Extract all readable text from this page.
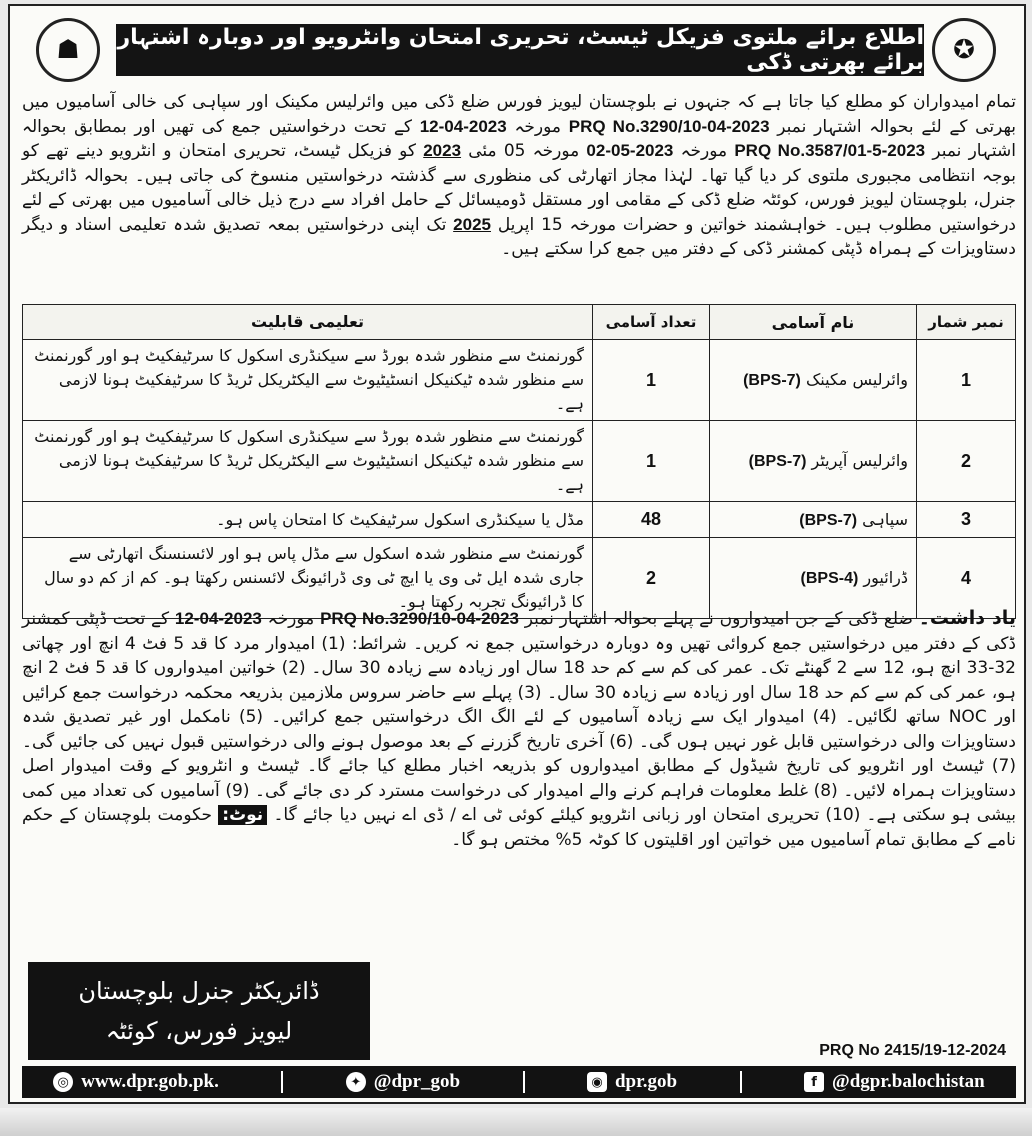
☗	اطلاع برائے ملتوی فزیکل ٹیسٹ، تحریری امتحان وانٹرویو اور دوبارہ اشتہار برائے بھرتی ڈکی	✪
تمام امیدواران کو مطلع کیا جاتا ہے کہ جنہوں نے بلوچستان لیویز فورس ضلع ڈکی میں وائرلیس مکینک اور سپاہی کی خالی آسامیوں میں بھرتی کے لئے بحوالہ اشتہار نمبر PRQ No.3290/10-04-2023 مورخہ 12-04-2023 کے تحت درخواستیں جمع کی تھیں اور بمطابق بحوالہ اشتہار نمبر PRQ No.3587/01-5-2023 مورخہ 02-05-2023 مورخہ 05 مئی 2023 کو فزیکل ٹیسٹ، تحریری امتحان و انٹرویو دینے تھے کو بوجہ انتظامی مجبوری ملتوی کر دیا گیا تھا۔ لہٰذا مجاز اتھارٹی کی منظوری سے گذشتہ درخواستیں منسوخ کی جاتی ہیں۔ بحوالہ ڈائریکٹر جنرل، بلوچستان لیویز فورس، کوئٹہ ضلع ڈکی کے مقامی اور مستقل ڈومیسائل کے حامل افراد سے درج ذیل خالی آسامیوں میں بھرتی کے لئے درخواستیں مطلوب ہیں۔ خواہشمند خواتین و حضرات مورخہ 15 اپریل 2025 تک اپنی درخواستیں بمعہ تصدیق شدہ تعلیمی اسناد و دیگر دستاویزات کے ہمراہ ڈپٹی کمشنر ڈکی کے دفتر میں جمع کرا سکتے ہیں۔
نمبر شمار	نام آسامی	تعداد آسامی	تعلیمی قابلیت
1	وائرلیس مکینک (BPS-7)	1	گورنمنٹ سے منظور شدہ بورڈ سے سیکنڈری اسکول کا سرٹیفکیٹ ہو اور گورنمنٹ سے منظور شدہ ٹیکنیکل انسٹیٹیوٹ سے الیکٹریکل ٹریڈ کا سرٹیفکیٹ ہونا لازمی ہے۔
2	وائرلیس آپریٹر (BPS-7)	1	گورنمنٹ سے منظور شدہ بورڈ سے سیکنڈری اسکول کا سرٹیفکیٹ ہو اور گورنمنٹ سے منظور شدہ ٹیکنیکل انسٹیٹیوٹ سے الیکٹریکل ٹریڈ کا سرٹیفکیٹ ہونا لازمی ہے۔
3	سپاہی (BPS-7)	48	مڈل یا سیکنڈری اسکول سرٹیفکیٹ کا امتحان پاس ہو۔
4	ڈرائیور (BPS-4)	2	گورنمنٹ سے منظور شدہ اسکول سے مڈل پاس ہو اور لائسنسنگ اتھارٹی سے جاری شدہ ایل ٹی وی یا ایچ ٹی وی ڈرائیونگ لائسنس رکھتا ہو۔ کم از کم دو سال کا ڈرائیونگ تجربہ رکھتا ہو۔
یاد داشت۔ ضلع ڈکی کے جن امیدواروں نے پہلے بحوالہ اشتہار نمبر PRQ No.3290/10-04-2023 مورخہ 12-04-2023 کے تحت ڈپٹی کمشنر ڈکی کے دفتر میں درخواستیں جمع کروائی تھیں وہ دوبارہ درخواستیں جمع نہ کریں۔ شرائط: (1) امیدوار مرد کا قد 5 فٹ 4 انچ اور چھاتی 32-33 انچ ہو، 12 سے 2 گھنٹے تک۔ عمر کی کم سے کم حد 18 سال اور زیادہ سے زیادہ 30 سال۔ (2) خواتین امیدواروں کا قد 5 فٹ 2 انچ ہو، عمر کی کم سے کم حد 18 سال اور زیادہ سے زیادہ 30 سال۔ (3) پہلے سے حاضر سروس ملازمین بذریعہ محکمہ درخواست جمع کرائیں اور NOC ساتھ لگائیں۔ (4) امیدوار ایک سے زیادہ آسامیوں کے لئے الگ الگ درخواستیں جمع کرائیں۔ (5) نامکمل اور غیر تصدیق شدہ دستاویزات والی درخواستیں قابل غور نہیں ہوں گی۔ (6) آخری تاریخ گزرنے کے بعد موصول ہونے والی درخواستیں قبول نہیں کی جائیں گی۔ (7) ٹیسٹ اور انٹرویو کی تاریخ شیڈول کے مطابق امیدواروں کو بذریعہ اخبار مطلع کیا جائے گا۔ ٹیسٹ و انٹرویو کے وقت امیدوار اصل دستاویزات ہمراہ لائیں۔ (8) غلط معلومات فراہم کرنے والے امیدوار کی درخواست مسترد کر دی جائے گی۔ (9) آسامیوں کی تعداد میں کمی بیشی ہو سکتی ہے۔ (10) تحریری امتحان اور زبانی انٹرویو کیلئے کوئی ٹی اے / ڈی اے نہیں دیا جائے گا۔ نوٹ: حکومت بلوچستان کے حکم نامے کے مطابق تمام آسامیوں میں خواتین اور اقلیتوں کا کوٹہ 5% مختص ہو گا۔
ڈائریکٹر جنرل بلوچستان
لیویز فورس، کوئٹہ
PRQ No 2415/19-12-2024
◎ www.dpr.gob.pk.	✦ @dpr_gob	◉ dpr.gob	f @dgpr.balochistan
